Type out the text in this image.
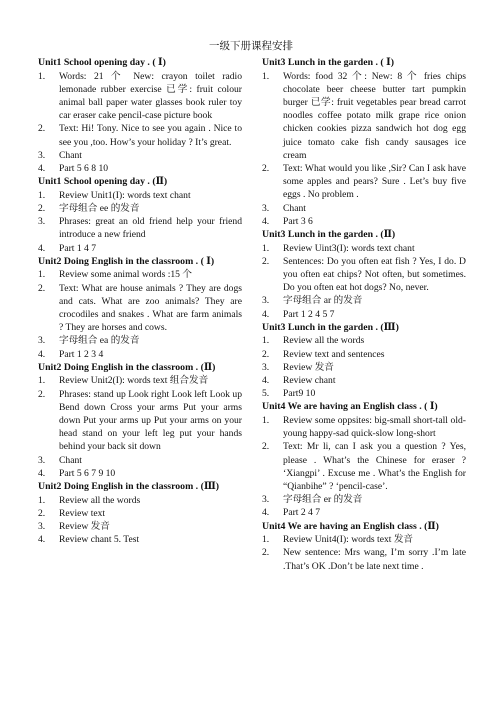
一级下册课程安排
Unit1 School opening day . ( Ⅰ)
1.	Words: 21 个 New: crayon toilet radio lemonade rubber exercise 已学: fruit colour animal ball paper water glasses book ruler toy car eraser cake pencil-case picture book
2.	Text: Hi! Tony. Nice to see you again . Nice to see you ,too. How’s your holiday ? It’s great.
3.	Chant
4.	Part 5 6 8 10
Unit1 School opening day . (Ⅱ)
1.	Review Unit1(I): words text chant
2.	字母组合 ee 的发音
3.	Phrases: great an old friend help your friend introduce a new friend
4.	Part 1 4 7
Unit2 Doing English in the classroom . ( Ⅰ)
1.	Review some animal words :15 个
2.	Text: What are house animals ? They are dogs and cats. What are zoo animals? They are crocodiles and snakes . What are farm animals ? They are horses and cows.
3.	字母组合 ea 的发音
4.	Part 1 2 3 4
Unit2 Doing English in the classroom . (Ⅱ)
1.	Review Unit2(I): words text 组合发音
2.	Phrases: stand up Look right Look left Look up Bend down Cross your arms Put your arms down Put your arms up Put your arms on your head stand on your left leg put your hands behind your back sit down
3.	Chant
4.	Part 5 6 7 9 10
Unit2 Doing English in the classroom . (Ⅲ)
1.	Review all the words
2.	Review text
3.	Review 发音
4.	Review chant 5. Test
Unit3 Lunch in the garden . ( Ⅰ)
1.	Words: food 32 个: New: 8 个 fries chips chocolate beer cheese butter tart pumpkin burger 已学: fruit vegetables pear bread carrot noodles coffee potato milk grape rice onion chicken cookies pizza sandwich hot dog egg juice tomato cake fish candy sausages ice cream
2.	Text: What would you like ,Sir? Can I ask have some apples and pears? Sure . Let’s buy five eggs . No problem .
3.	Chant
4.	Part 3 6
Unit3 Lunch in the garden . (Ⅱ)
1.	Review Uint3(I): words text chant
2.	Sentences: Do you often eat fish ? Yes, I do. D you often eat chips? Not often, but sometimes. Do you often eat hot dogs? No, never.
3.	字母组合 ar 的发音
4.	Part 1 2 4 5 7
Unit3 Lunch in the garden . (Ⅲ)
1.	Review all the words
2.	Review text and sentences
3.	Review 发音
4.	Review chant
5.	Part9 10
Unit4 We are having an English class . ( Ⅰ)
1.	Review some oppsites: big-small short-tall old-young happy-sad quick-slow long-short
2.	Text: Mr li, can I ask you a question ? Yes, please . What’s the Chinese for eraser ? ‘Xiangpi’ . Excuse me . What’s the English for “Qianbihe” ? ‘pencil-case’.
3.	字母组合 er 的发音
4.	Part 2 4 7
Unit4 We are having an English class . (Ⅱ)
1.	Review Unit4(I): words text 发音
2.	New sentence: Mrs wang, I’m sorry .I’m late .That’s OK .Don’t be late next time .
